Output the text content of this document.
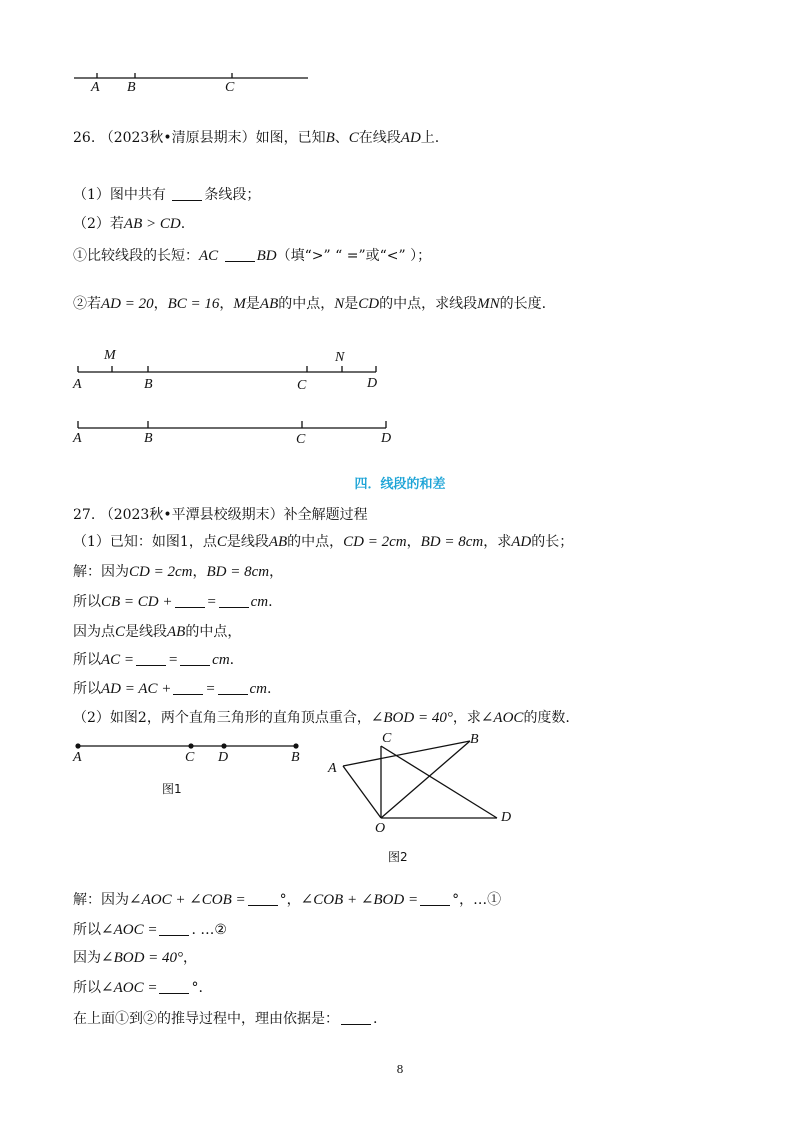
A B	C
26. （2023秋•清原县期末）如图，已知B、C在线段AD上.
（1）图中共有	条线段；
（2）若AB > CD.
①比较线段的长短：AC	BD（填“>” “ =”或“<” ）；
②若AD = 20，BC = 16，M是AB的中点，N是CD的中点，求线段MN的长度.
M	N
A	B	C	D
A	B	C	D
四．线段的和差
27. （2023秋•平潭县校级期末）补全解题过程
（1）已知：如图1，点C是线段AB的中点，CD = 2cm，BD = 8cm，求AD的长；
解：因为CD = 2cm，BD = 8cm，
所以CB = CD + = cm.
因为点C是线段AB的中点，
所以AC = = cm.
所以AD = AC + = cm.
（2）如图2，两个直角三角形的直角顶点重合，∠BOD = 40°，求∠AOC的度数.
A	C D	B
图1
C	B
A
O
D
图2
解：因为∠AOC + ∠COB = °，∠COB + ∠BOD = °，…①
所以∠AOC = . …②
因为∠BOD = 40°，
所以∠AOC = °.
在上面①到②的推导过程中，理由依据是： .
8
